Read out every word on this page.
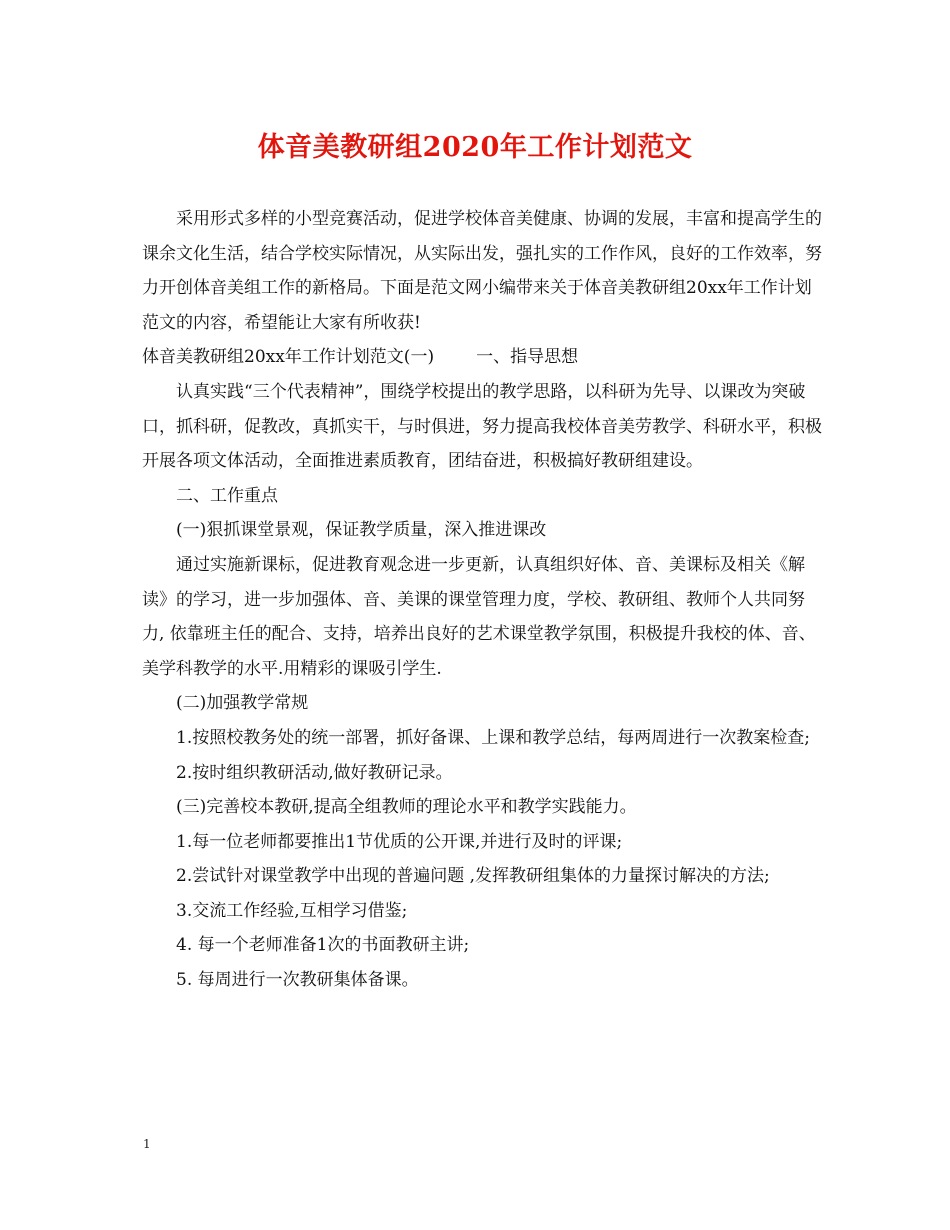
体音美教研组2020年工作计划范文

采用形式多样的小型竞赛活动，促进学校体音美健康、协调的发展，丰富和提高学生的课余文化生活，结合学校实际情况，从实际出发，强扎实的工作作风，良好的工作效率，努力开创体音美组工作的新格局。下面是范文网小编带来关于体音美教研组20xx年工作计划范文的内容，希望能让大家有所收获!

体音美教研组20xx年工作计划范文(一) 一、指导思想

认真实践“三个代表精神”，围绕学校提出的教学思路，以科研为先导、以课改为突破口，抓科研，促教改，真抓实干，与时俱进，努力提高我校体音美劳教学、科研水平，积极开展各项文体活动，全面推进素质教育，团结奋进，积极搞好教研组建设。

二、工作重点

(一)狠抓课堂景观，保证教学质量，深入推进课改

通过实施新课标，促进教育观念进一步更新，认真组织好体、音、美课标及相关《解读》的学习，进一步加强体、音、美课的课堂管理力度，学校、教研组、教师个人共同努力, 依靠班主任的配合、支持，培养出良好的艺术课堂教学氛围，积极提升我校的体、音、美学科教学的水平.用精彩的课吸引学生.

(二)加强教学常规

1.按照校教务处的统一部署，抓好备课、上课和教学总结，每两周进行一次教案检查;

2.按时组织教研活动,做好教研记录。

(三)完善校本教研,提高全组教师的理论水平和教学实践能力。

1.每一位老师都要推出1节优质的公开课,并进行及时的评课;

2.尝试针对课堂教学中出现的普遍问题 ,发挥教研组集体的力量探讨解决的方法;

3.交流工作经验,互相学习借鉴;

4. 每一个老师准备1次的书面教研主讲;

5. 每周进行一次教研集体备课。

1
